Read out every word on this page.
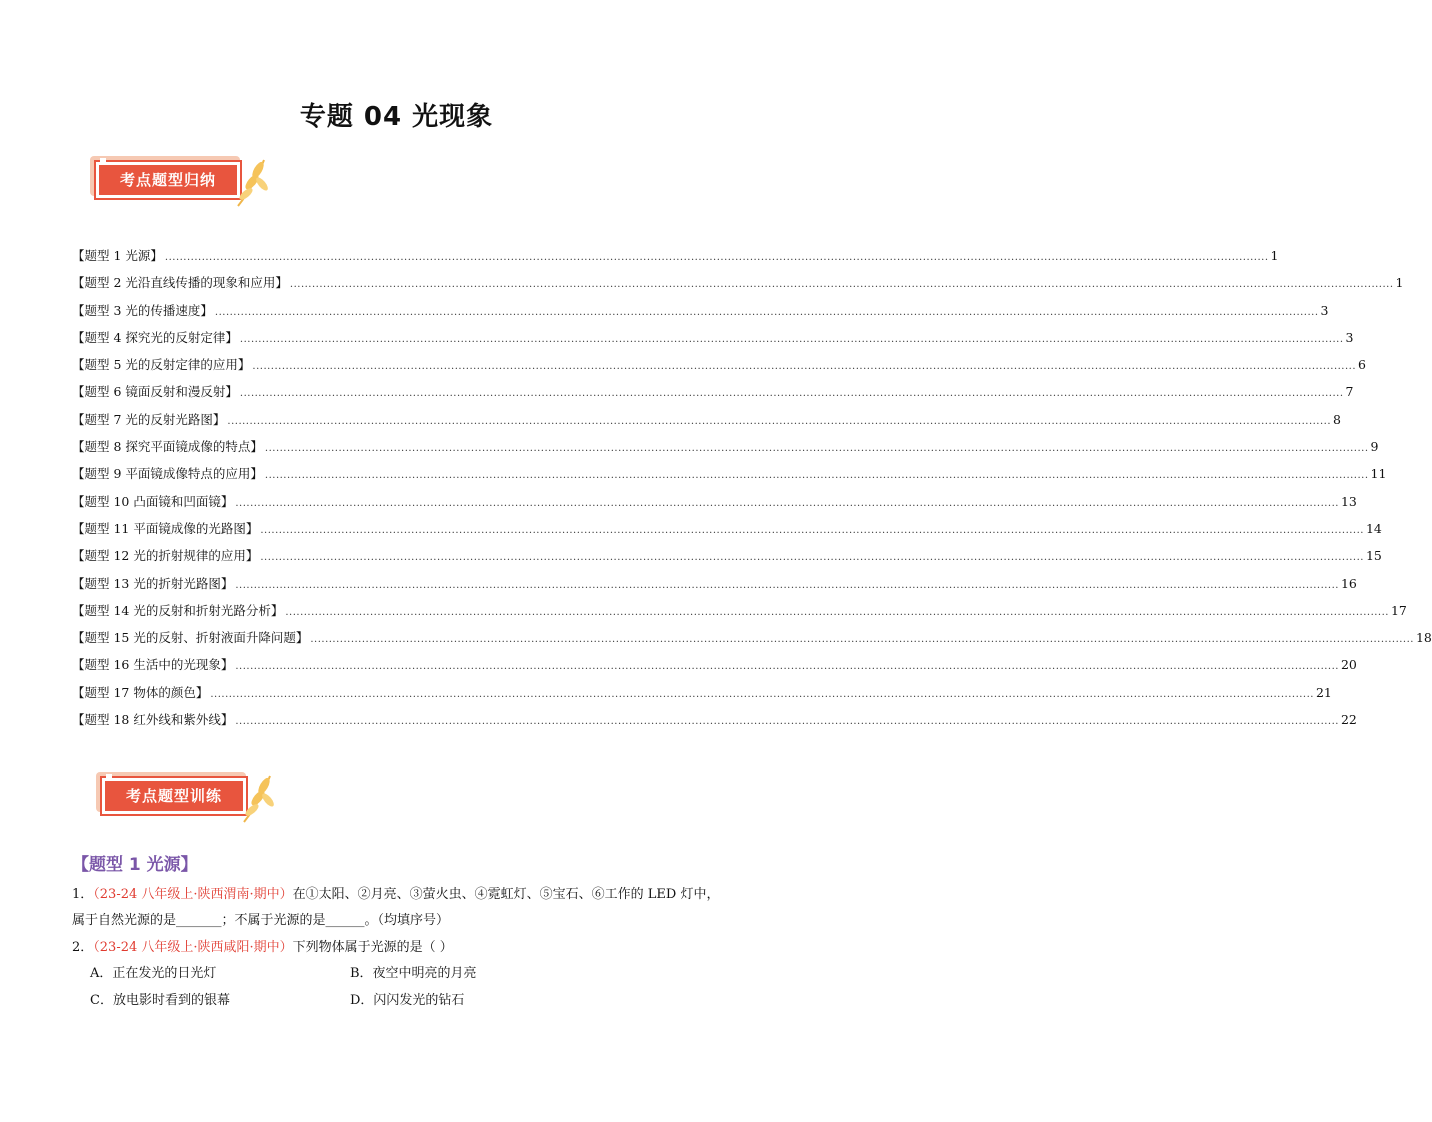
专题 04 光现象
考点题型归纳
【题型 1 光源】 ............................................................................................................................................................................................................................................................................................................ 1
【题型 2 光沿直线传播的现象和应用】 ............................................................................................................................................................................................................................................................................................................ 1
【题型 3 光的传播速度】 ............................................................................................................................................................................................................................................................................................................ 3
【题型 4 探究光的反射定律】 ............................................................................................................................................................................................................................................................................................................ 3
【题型 5 光的反射定律的应用】 ............................................................................................................................................................................................................................................................................................................ 6
【题型 6 镜面反射和漫反射】 ............................................................................................................................................................................................................................................................................................................ 7
【题型 7 光的反射光路图】 ............................................................................................................................................................................................................................................................................................................ 8
【题型 8 探究平面镜成像的特点】 ............................................................................................................................................................................................................................................................................................................ 9
【题型 9 平面镜成像特点的应用】 ............................................................................................................................................................................................................................................................................................................ 11
【题型 10 凸面镜和凹面镜】 ............................................................................................................................................................................................................................................................................................................ 13
【题型 11 平面镜成像的光路图】 ............................................................................................................................................................................................................................................................................................................ 14
【题型 12 光的折射规律的应用】 ............................................................................................................................................................................................................................................................................................................ 15
【题型 13 光的折射光路图】 ............................................................................................................................................................................................................................................................................................................ 16
【题型 14 光的反射和折射光路分析】 ............................................................................................................................................................................................................................................................................................................ 17
【题型 15 光的反射、折射液面升降问题】 ............................................................................................................................................................................................................................................................................................................ 18
【题型 16 生活中的光现象】 ............................................................................................................................................................................................................................................................................................................ 20
【题型 17 物体的颜色】 ............................................................................................................................................................................................................................................................................................................ 21
【题型 18 红外线和紫外线】 ............................................................................................................................................................................................................................................................................................................ 22
考点题型训练
【题型 1 光源】
1．（23-24 八年级上·陕西渭南·期中）在①太阳、②月亮、③萤火虫、④霓虹灯、⑤宝石、⑥工作的 LED 灯中，属于自然光源的是_______；不属于光源的是______。（均填序号）
2．（23-24 八年级上·陕西咸阳·期中）下列物体属于光源的是（ ）
A．正在发光的日光灯	B．夜空中明亮的月亮
C．放电影时看到的银幕	D．闪闪发光的钻石
